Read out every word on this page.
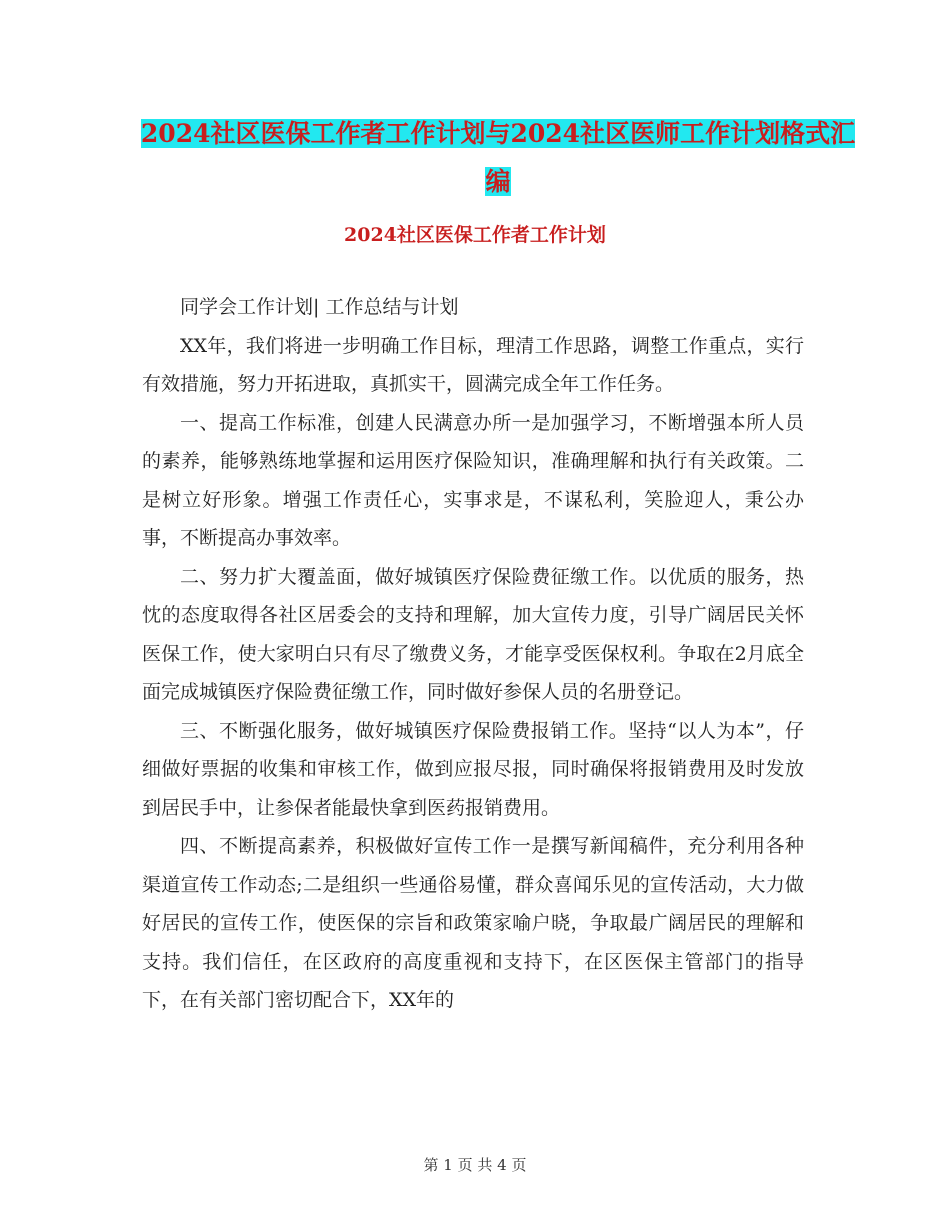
2024社区医保工作者工作计划与2024社区医师工作计划格式汇编
2024社区医保工作者工作计划

同学会工作计划| 工作总结与计划

XX年，我们将进一步明确工作目标，理清工作思路，调整工作重点，实行有效措施，努力开拓进取，真抓实干，圆满完成全年工作任务。

一、提高工作标准，创建人民满意办所一是加强学习，不断增强本所人员的素养，能够熟练地掌握和运用医疗保险知识，准确理解和执行有关政策。二是树立好形象。增强工作责任心，实事求是，不谋私利，笑脸迎人，秉公办事，不断提高办事效率。

二、努力扩大覆盖面，做好城镇医疗保险费征缴工作。以优质的服务，热忱的态度取得各社区居委会的支持和理解，加大宣传力度，引导广阔居民关怀医保工作，使大家明白只有尽了缴费义务，才能享受医保权利。争取在2月底全面完成城镇医疗保险费征缴工作，同时做好参保人员的名册登记。

三、不断强化服务，做好城镇医疗保险费报销工作。坚持“以人为本”，仔细做好票据的收集和审核工作，做到应报尽报，同时确保将报销费用及时发放到居民手中，让参保者能最快拿到医药报销费用。

四、不断提高素养，积极做好宣传工作一是撰写新闻稿件，充分利用各种渠道宣传工作动态;二是组织一些通俗易懂，群众喜闻乐见的宣传活动，大力做好居民的宣传工作，使医保的宗旨和政策家喻户晓，争取最广阔居民的理解和支持。我们信任，在区政府的高度重视和支持下，在区医保主管部门的指导下，在有关部门密切配合下，XX年的

第 1 页 共 4 页
